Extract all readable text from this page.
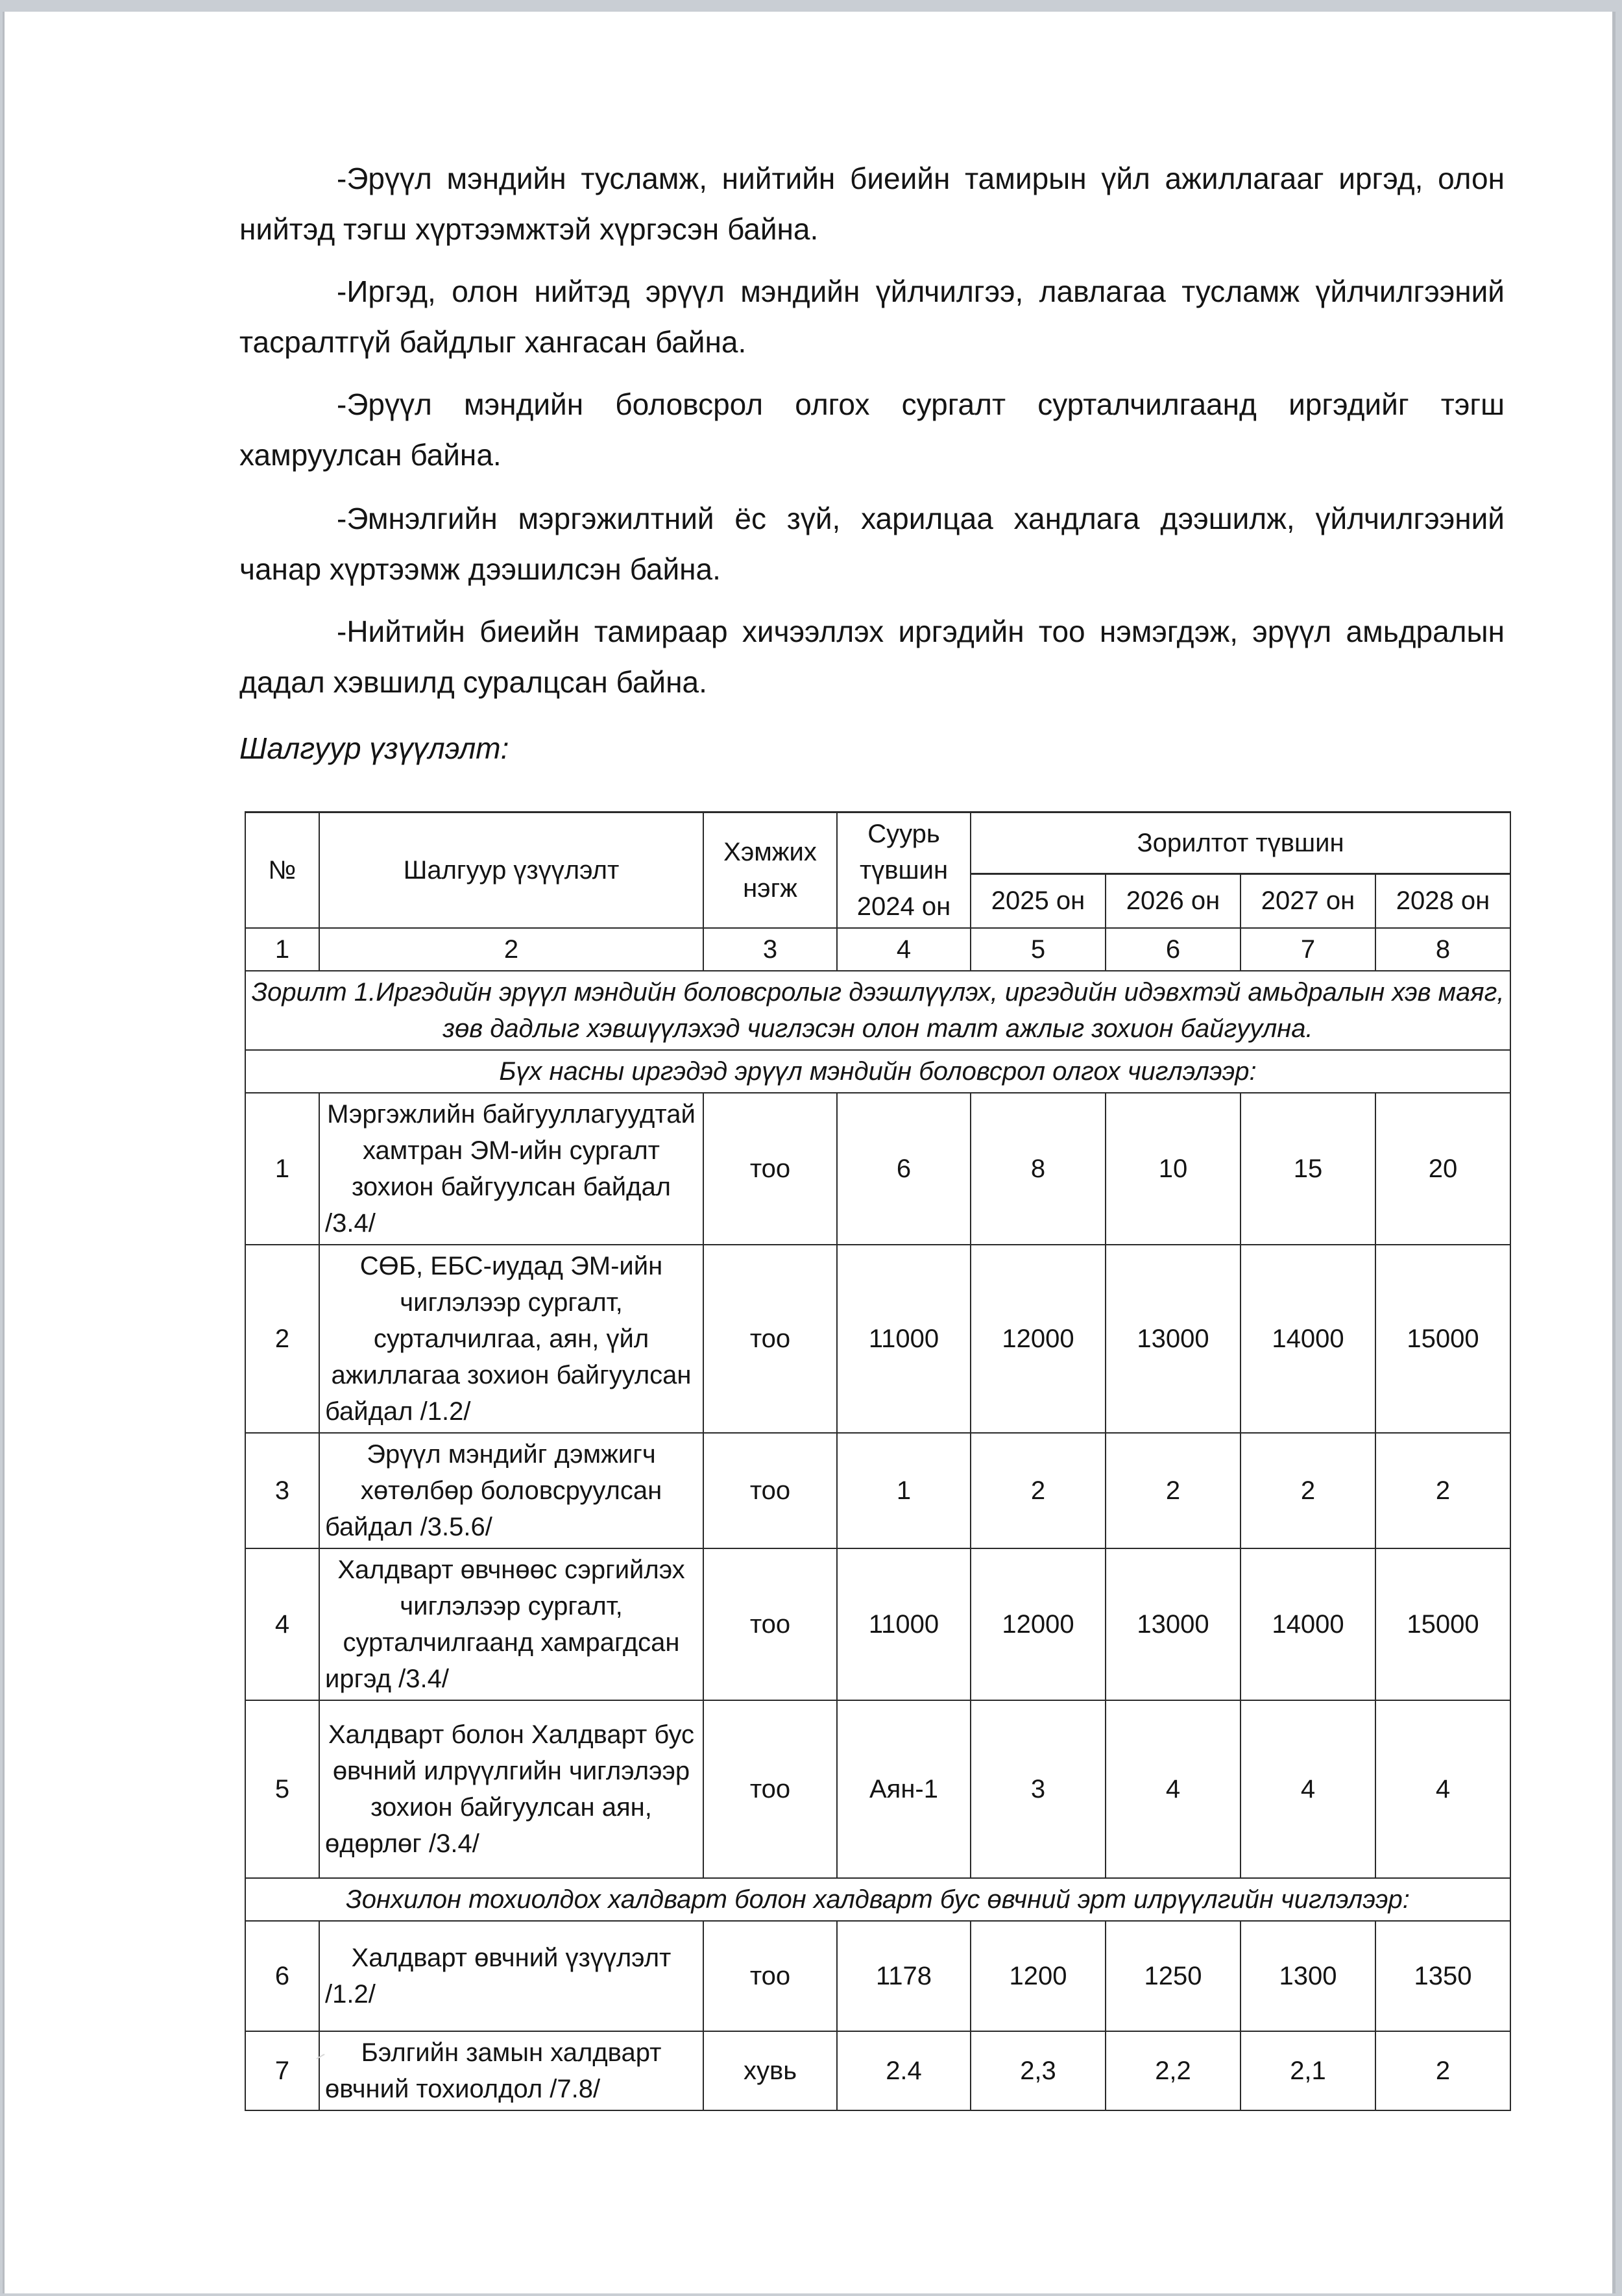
-Эрүүл мэндийн тусламж, нийтийн биеийн тамирын үйл ажиллагааг иргэд, олон нийтэд тэгш хүртээмжтэй хүргэсэн байна.

-Иргэд, олон нийтэд эрүүл мэндийн үйлчилгээ, лавлагаа тусламж үйлчилгээний тасралтгүй байдлыг хангасан байна.

-Эрүүл мэндийн боловсрол олгох сургалт сурталчилгаанд иргэдийг тэгш хамруулсан байна.

-Эмнэлгийн мэргэжилтний ёс зүй, харилцаа хандлага дээшилж, үйлчилгээний чанар хүртээмж дээшилсэн байна.

-Нийтийн биеийн тамираар хичээллэх иргэдийн тоо нэмэгдэж, эрүүл амьдралын дадал хэвшилд суралцсан байна.

Шалгуур үзүүлэлт:

№	Шалгуур үзүүлэлт	Хэмжих нэгж	Суурь түвшин 2024 он	Зорилтот түвшин			
				2025 он	2026 он	2027 он	2028 он
1	2	3	4	5	6	7	8
Зорилт 1.Иргэдийн эрүүл мэндийн боловсролыг дээшлүүлэх, иргэдийн идэвхтэй амьдралын хэв маяг, зөв дадлыг хэвшүүлэхэд чиглэсэн олон талт ажлыг зохион байгуулна.							
Бүх насны иргэдэд эрүүл мэндийн боловсрол олгох чиглэлээр:							
1	Мэргэжлийн байгууллагуудтай хамтран ЭМ-ийн сургалт зохион байгуулсан байдал /3.4/	тоо	6	8	10	15	20
2	СӨБ, ЕБС-иудад ЭМ-ийн чиглэлээр сургалт, сурталчилгаа, аян, үйл ажиллагаа зохион байгуулсан байдал /1.2/	тоо	11000	12000	13000	14000	15000
3	Эрүүл мэндийг дэмжигч хөтөлбөр боловсруулсан байдал /3.5.6/	тоо	1	2	2	2	2
4	Халдварт өвчнөөс сэргийлэх чиглэлээр сургалт, сурталчилгаанд хамрагдсан иргэд /3.4/	тоо	11000	12000	13000	14000	15000
5	Халдварт болон Халдварт бус өвчний илрүүлгийн чиглэлээр зохион байгуулсан аян, өдөрлөг /3.4/	тоо	Аян-1	3	4	4	4
Зонхилон тохиолдох халдварт болон халдварт бус өвчний эрт илрүүлгийн чиглэлээр:							
6	Халдварт өвчний үзүүлэлт /1.2/	тоо	1178	1200	1250	1300	1350
7	Бэлгийн замын халдварт өвчний тохиолдол /7.8/	хувь	2.4	2,3	2,2	2,1	2
